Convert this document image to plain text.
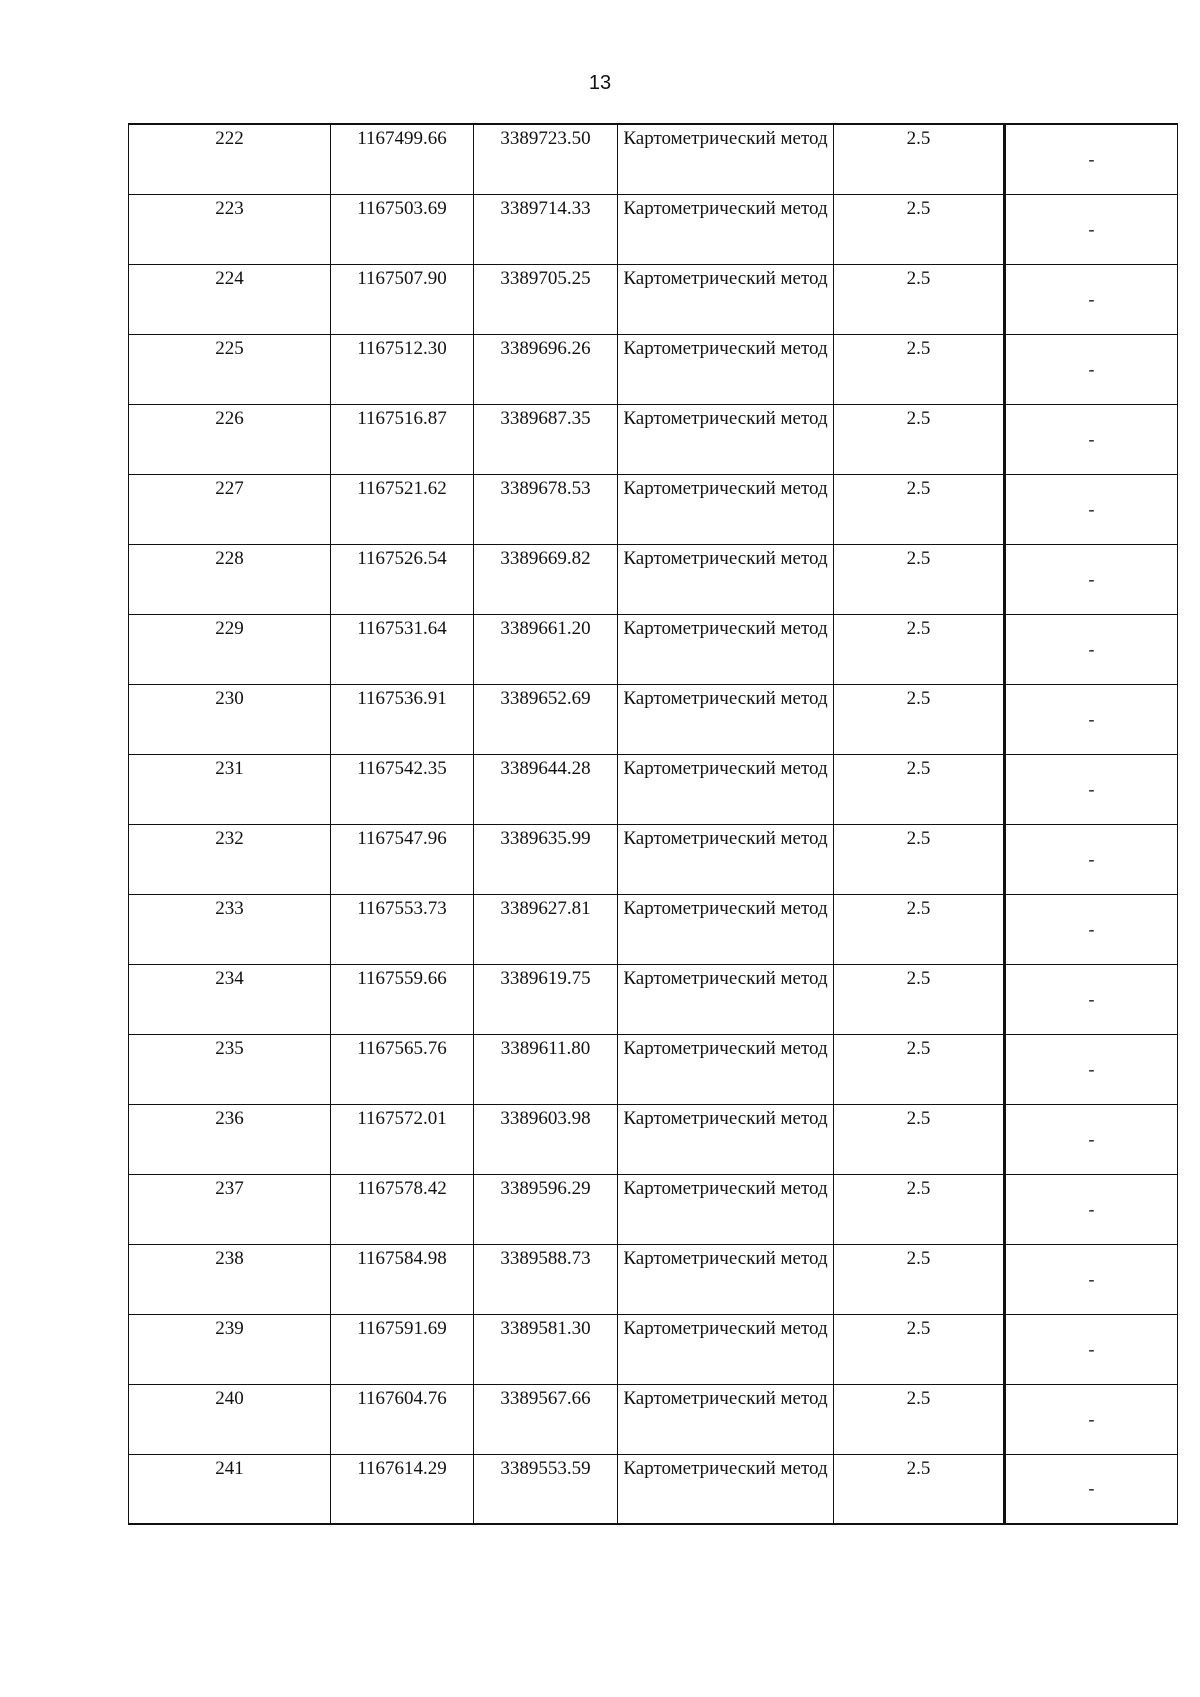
13
222	1167499.66	3389723.50	Картометрический метод	2.5	-

223	1167503.69	3389714.33	Картометрический метод	2.5	-

224	1167507.90	3389705.25	Картометрический метод	2.5	-

225	1167512.30	3389696.26	Картометрический метод	2.5	-

226	1167516.87	3389687.35	Картометрический метод	2.5	-

227	1167521.62	3389678.53	Картометрический метод	2.5	-

228	1167526.54	3389669.82	Картометрический метод	2.5	-

229	1167531.64	3389661.20	Картометрический метод	2.5	-

230	1167536.91	3389652.69	Картометрический метод	2.5	-

231	1167542.35	3389644.28	Картометрический метод	2.5	-

232	1167547.96	3389635.99	Картометрический метод	2.5	-

233	1167553.73	3389627.81	Картометрический метод	2.5	-

234	1167559.66	3389619.75	Картометрический метод	2.5	-

235	1167565.76	3389611.80	Картометрический метод	2.5	-

236	1167572.01	3389603.98	Картометрический метод	2.5	-

237	1167578.42	3389596.29	Картометрический метод	2.5	-

238	1167584.98	3389588.73	Картометрический метод	2.5	-

239	1167591.69	3389581.30	Картометрический метод	2.5	-

240	1167604.76	3389567.66	Картометрический метод	2.5	-

241	1167614.29	3389553.59	Картометрический метод	2.5	-
